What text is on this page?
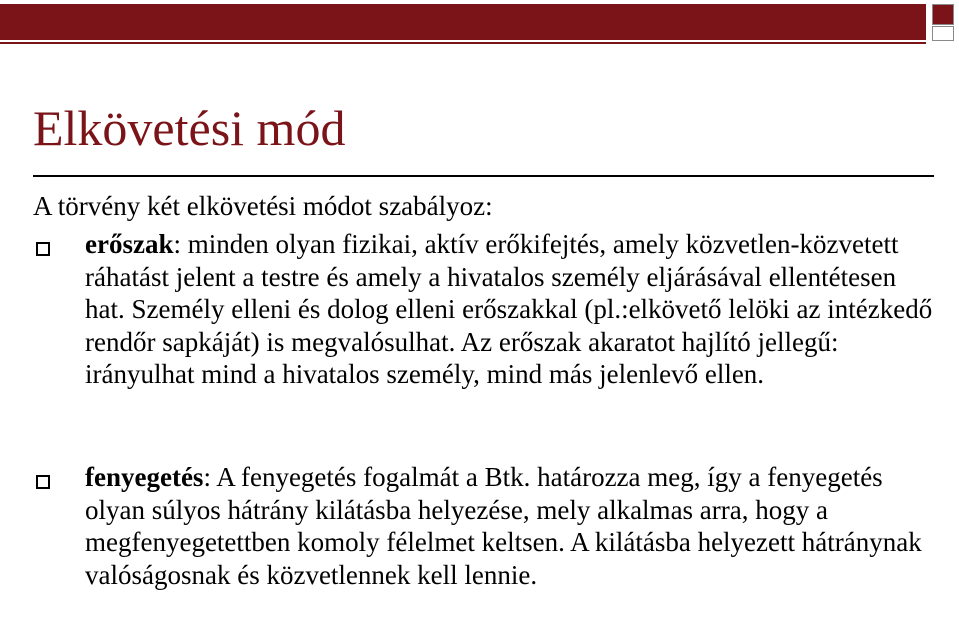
Elkövetési mód
A törvény két elkövetési módot szabályoz:

erőszak: minden olyan fizikai, aktív erőkifejtés, amely közvetlen-közvetett ráhatást jelent a testre és amely a hivatalos személy eljárásával ellentétesen hat. Személy elleni és dolog elleni erőszakkal (pl.:elkövető lelöki az intézkedő rendőr sapkáját) is megvalósulhat. Az erőszak akaratot hajlító jellegű: irányulhat mind a hivatalos személy, mind más jelenlevő ellen.

fenyegetés: A fenyegetés fogalmát a Btk. határozza meg, így a fenyegetés olyan súlyos hátrány kilátásba helyezése, mely alkalmas arra, hogy a megfenyegetettben komoly félelmet keltsen. A kilátásba helyezett hátránynak valóságosnak és közvetlennek kell lennie.
